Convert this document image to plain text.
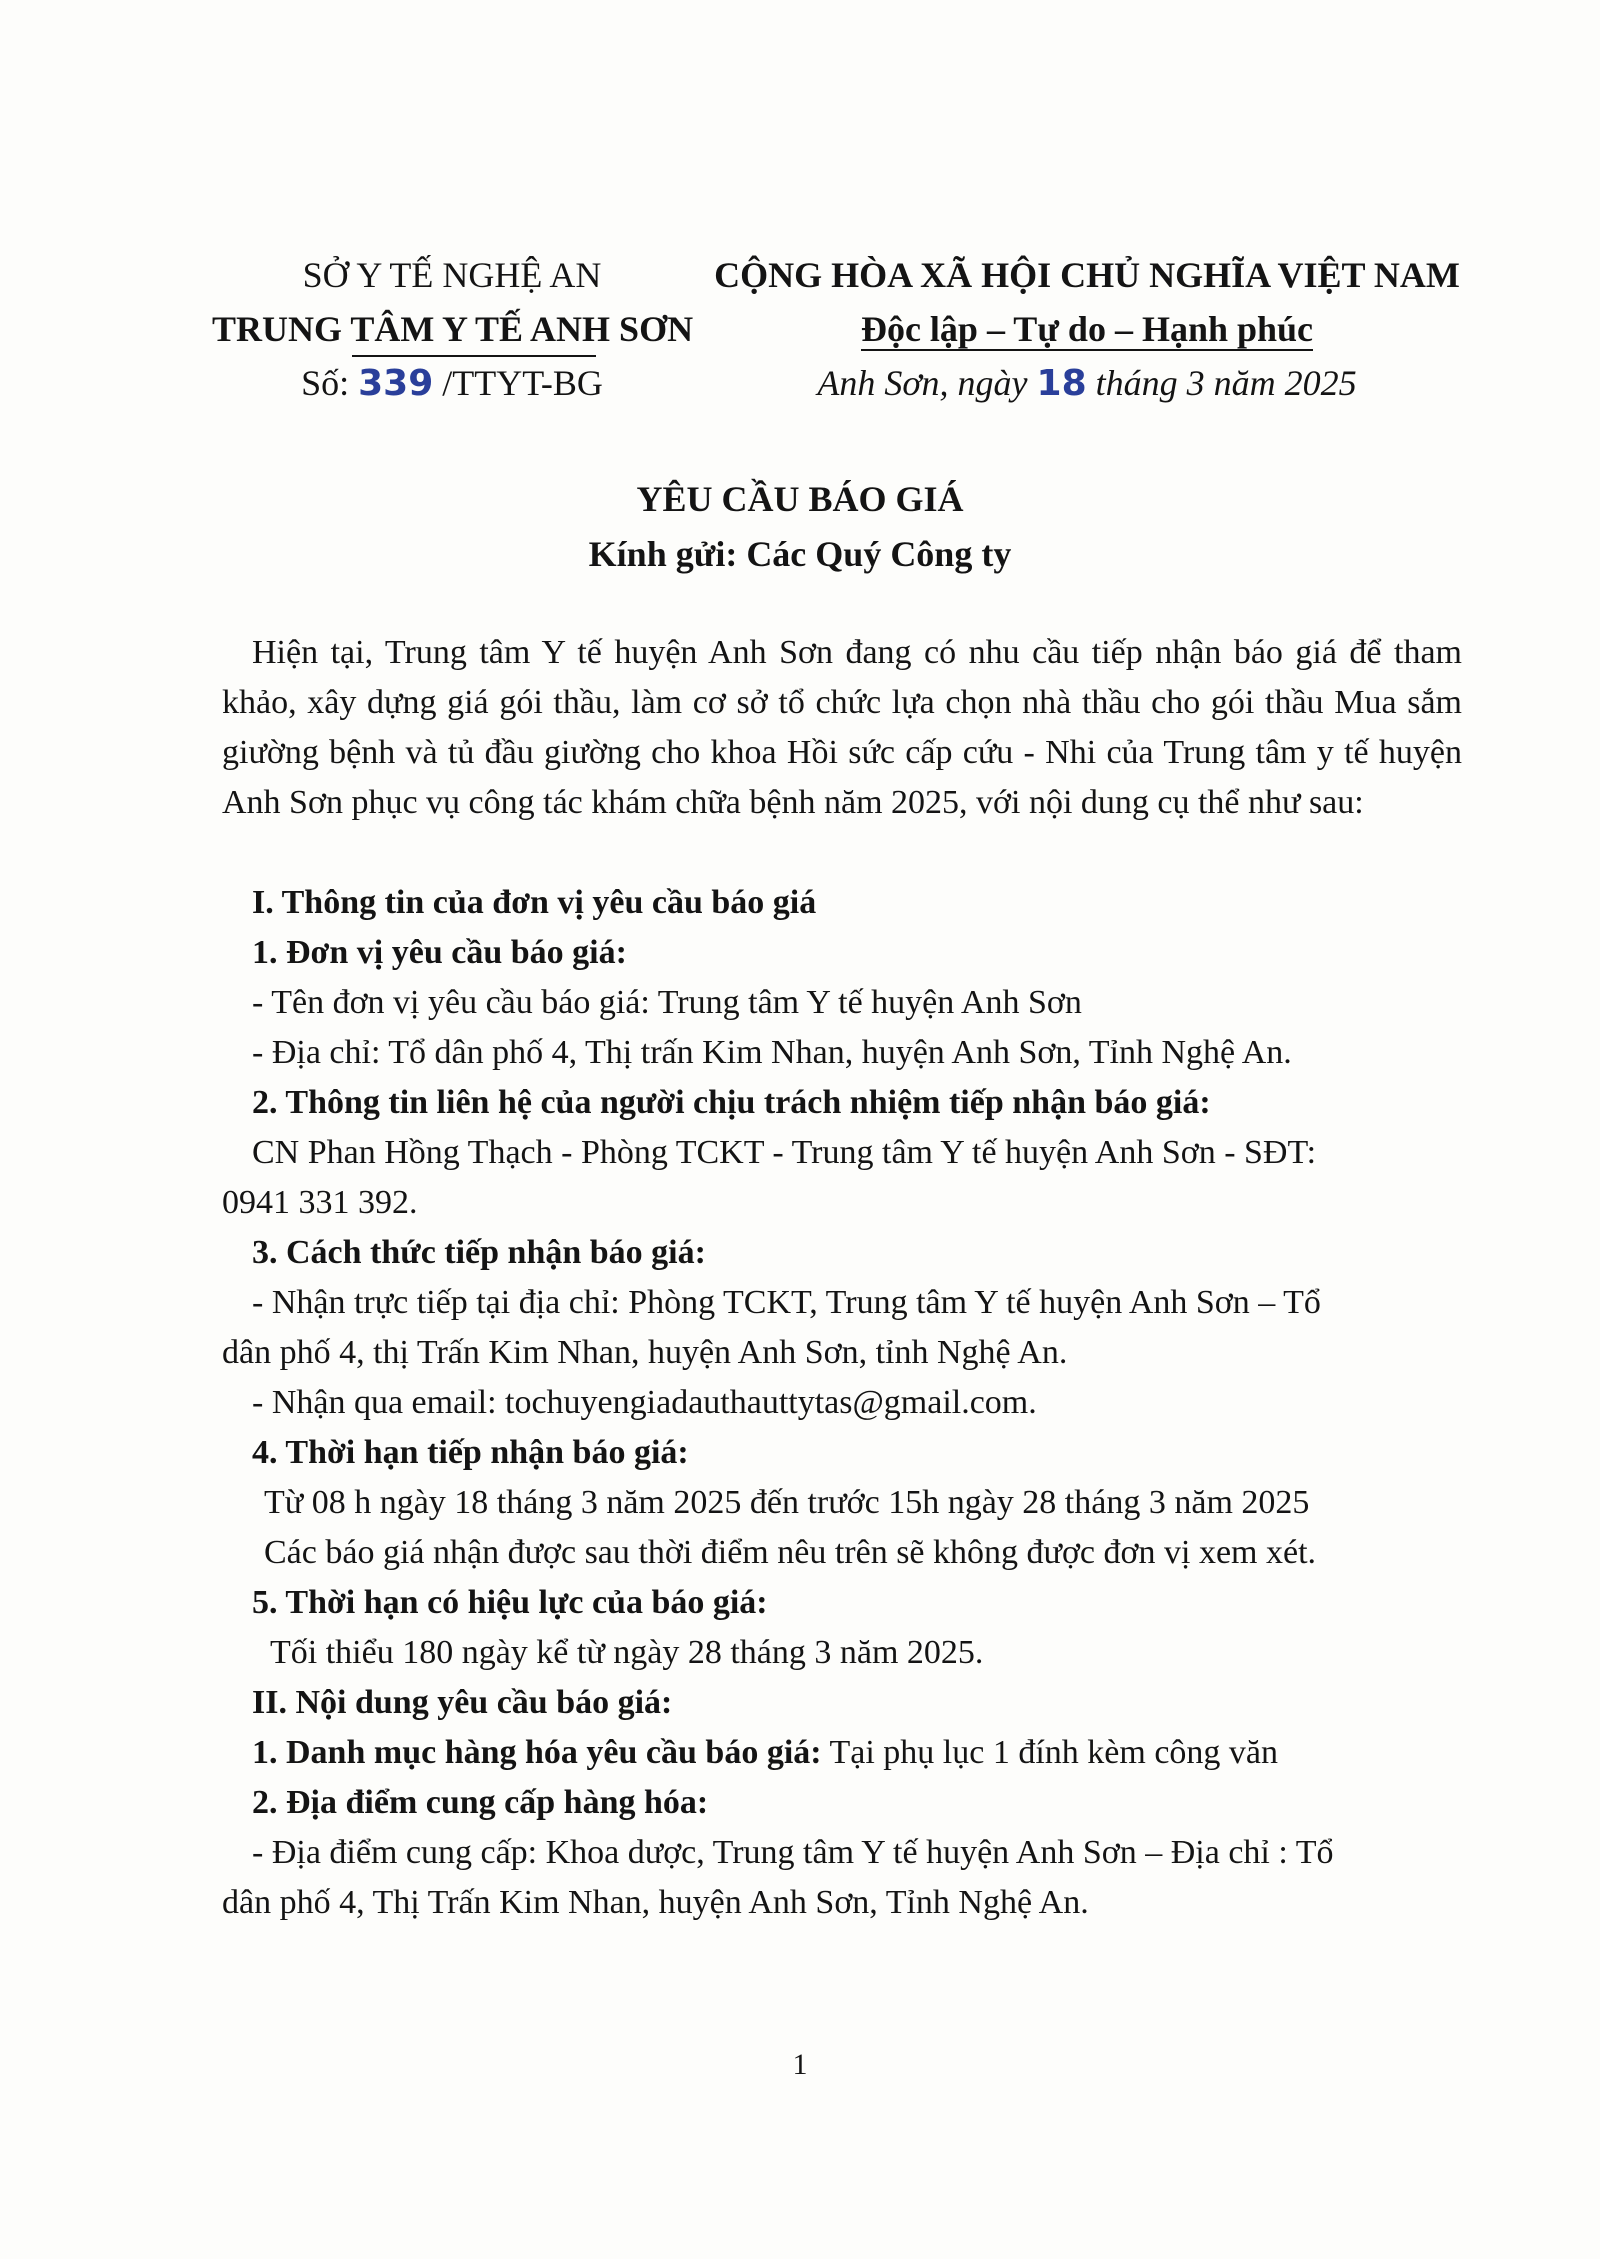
SỞ Y TẾ NGHỆ AN
TRUNG TÂM Y TẾ ANH SƠN
Số: 339 /TTYT-BG
CỘNG HÒA XÃ HỘI CHỦ NGHĨA VIỆT NAM
Độc lập – Tự do – Hạnh phúc
Anh Sơn, ngày 18 tháng 3 năm 2025
YÊU CẦU BÁO GIÁ
Kính gửi: Các Quý Công ty
Hiện tại, Trung tâm Y tế huyện Anh Sơn đang có nhu cầu tiếp nhận báo giá để tham khảo, xây dựng giá gói thầu, làm cơ sở tổ chức lựa chọn nhà thầu cho gói thầu Mua sắm giường bệnh và tủ đầu giường cho khoa Hồi sức cấp cứu - Nhi của Trung tâm y tế huyện Anh Sơn phục vụ công tác khám chữa bệnh năm 2025, với nội dung cụ thể như sau:
I. Thông tin của đơn vị yêu cầu báo giá
1. Đơn vị yêu cầu báo giá:
- Tên đơn vị yêu cầu báo giá: Trung tâm Y tế huyện Anh Sơn
- Địa chỉ: Tổ dân phố 4, Thị trấn Kim Nhan, huyện Anh Sơn, Tỉnh Nghệ An.
2. Thông tin liên hệ của người chịu trách nhiệm tiếp nhận báo giá:
CN Phan Hồng Thạch - Phòng TCKT - Trung tâm Y tế huyện Anh Sơn - SĐT:
0941 331 392.
3. Cách thức tiếp nhận báo giá:
- Nhận trực tiếp tại địa chỉ: Phòng TCKT, Trung tâm Y tế huyện Anh Sơn – Tổ
dân phố 4, thị Trấn Kim Nhan, huyện Anh Sơn, tỉnh Nghệ An.
- Nhận qua email: tochuyengiadauthauttytas@gmail.com.
4. Thời hạn tiếp nhận báo giá:
Từ 08 h ngày 18 tháng 3 năm 2025 đến trước 15h ngày 28 tháng 3 năm 2025
Các báo giá nhận được sau thời điểm nêu trên sẽ không được đơn vị xem xét.
5. Thời hạn có hiệu lực của báo giá:
Tối thiểu 180 ngày kể từ ngày 28 tháng 3 năm 2025.
II. Nội dung yêu cầu báo giá:
1. Danh mục hàng hóa yêu cầu báo giá: Tại phụ lục 1 đính kèm công văn
2. Địa điểm cung cấp hàng hóa:
- Địa điểm cung cấp: Khoa dược, Trung tâm Y tế huyện Anh Sơn – Địa chỉ : Tổ
dân phố 4, Thị Trấn Kim Nhan, huyện Anh Sơn, Tỉnh Nghệ An.
1
